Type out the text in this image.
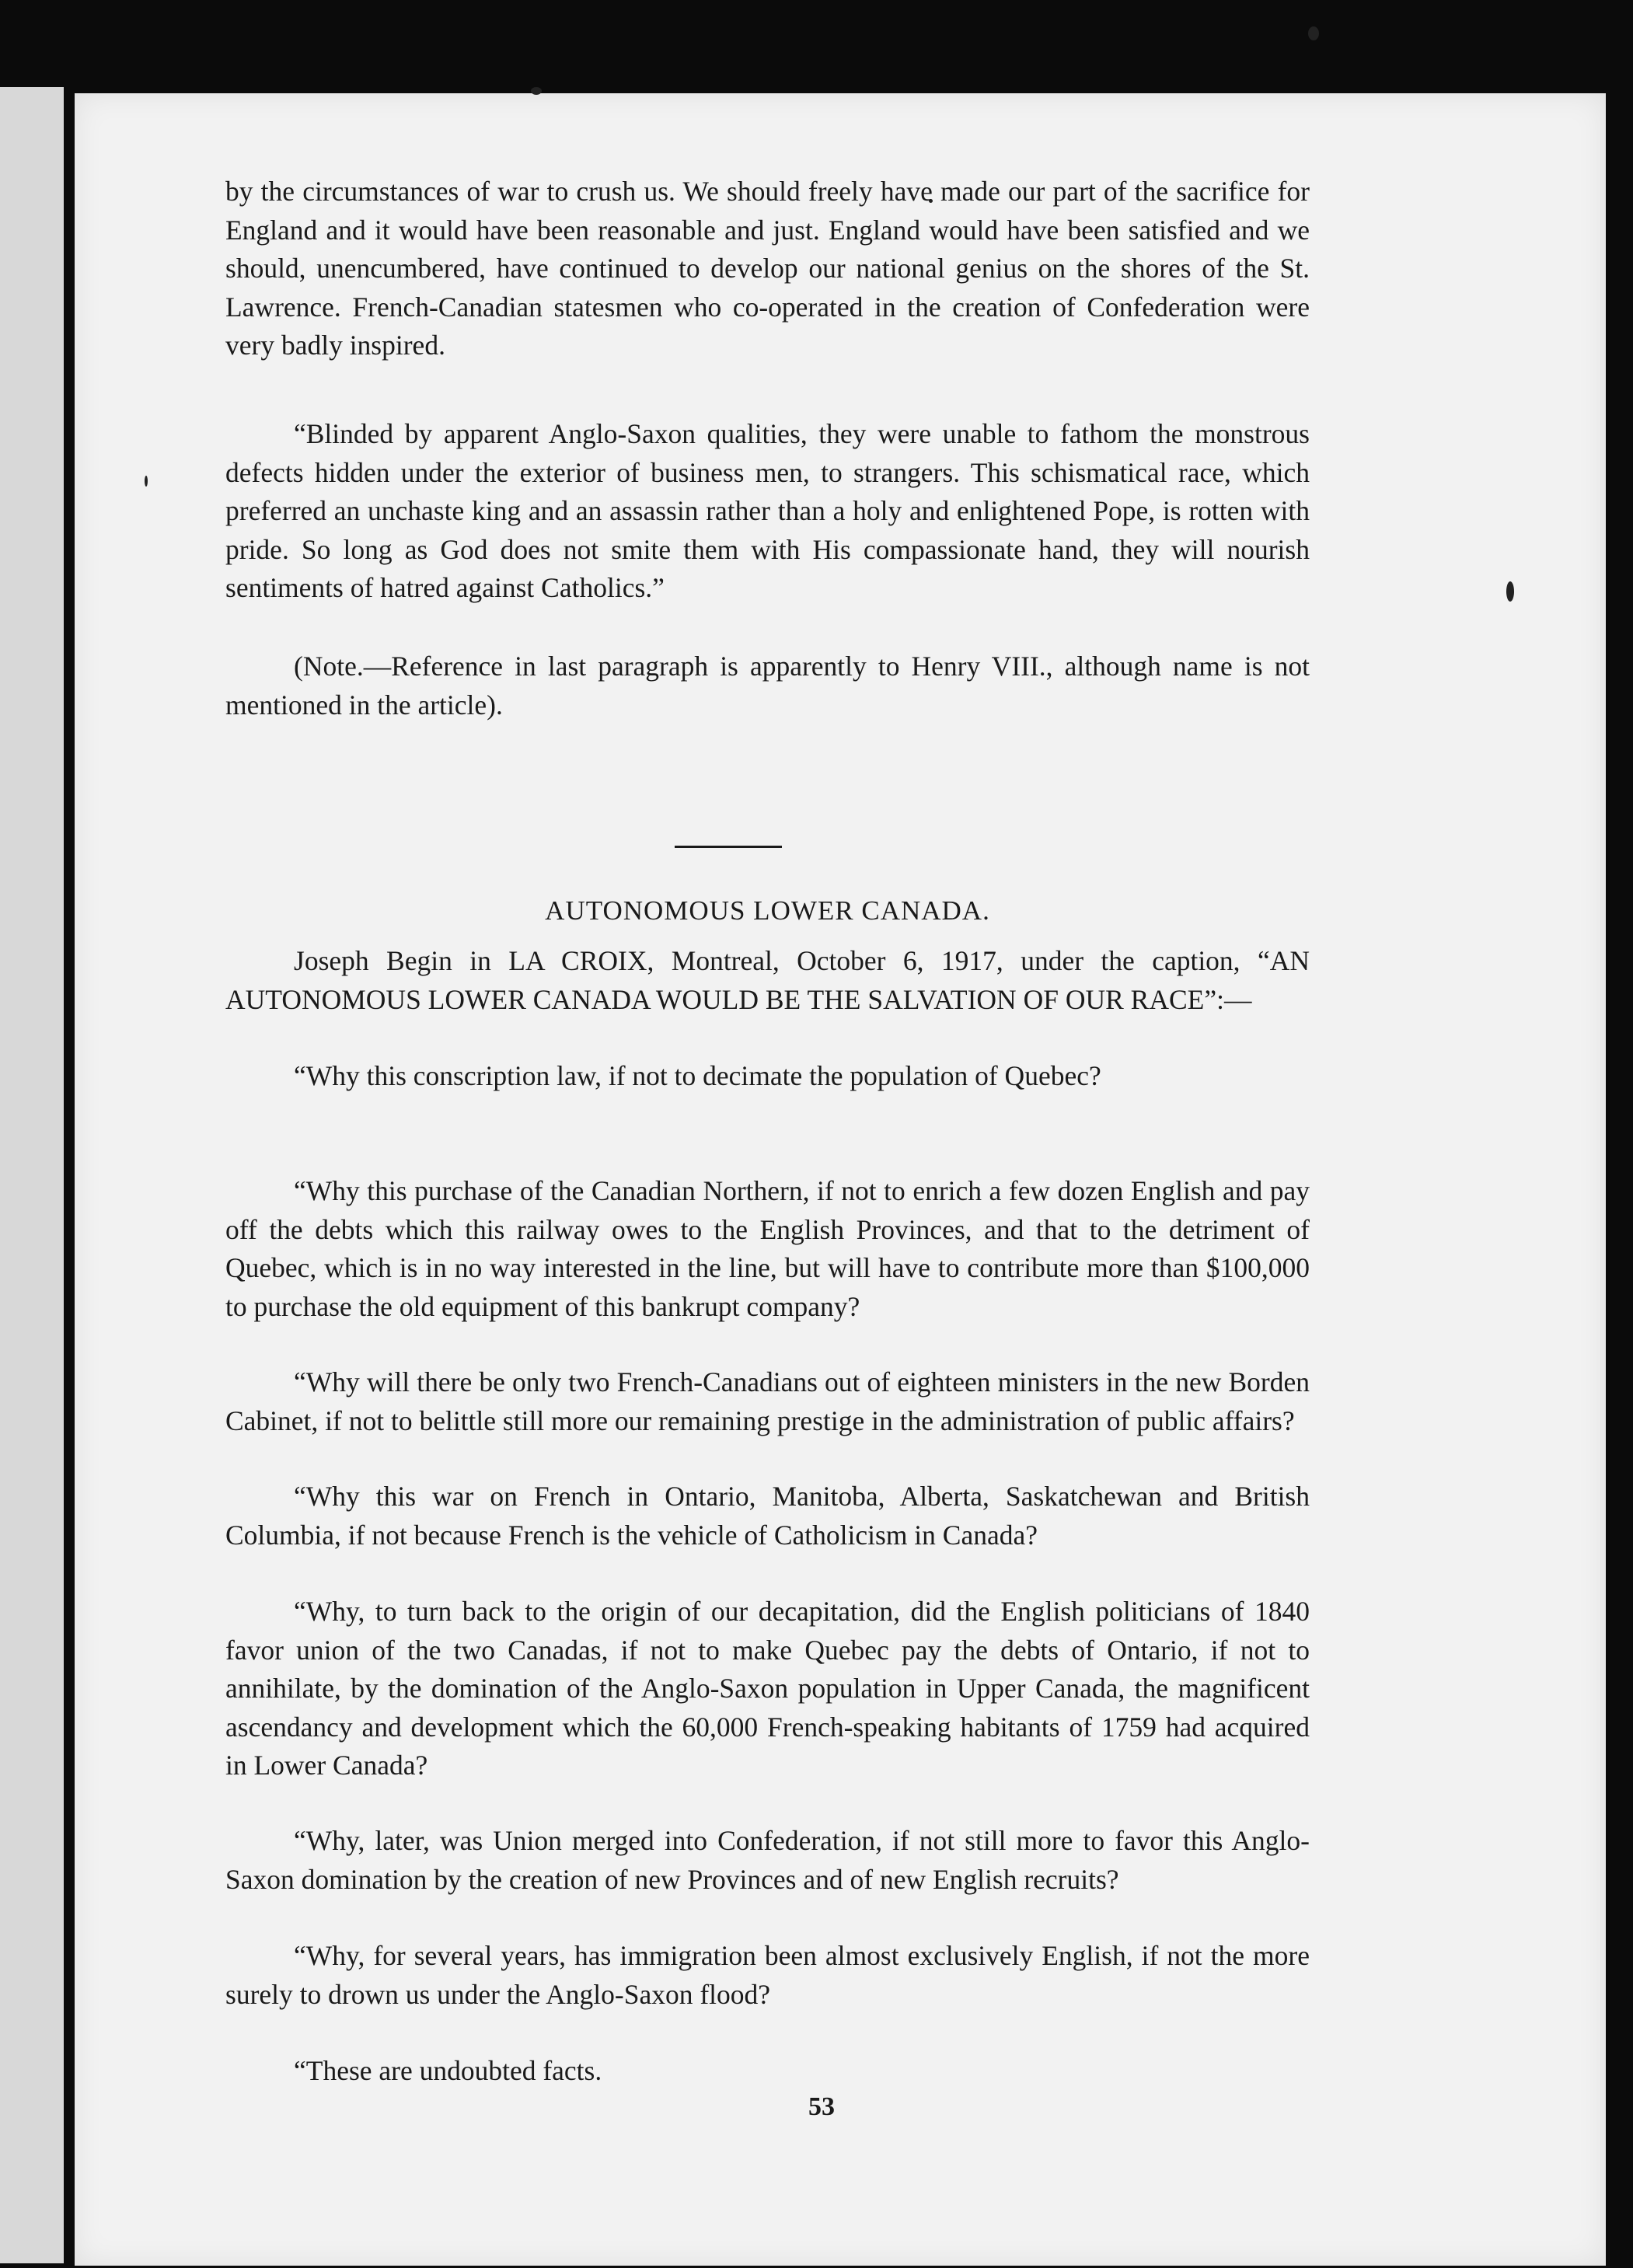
by the circumstances of war to crush us. We should freely have made our part of the sacrifice for England and it would have been reasonable and just. England would have been satisfied and we should, unencumbered, have continued to develop our national genius on the shores of the St. Lawrence. French-Canadian statesmen who co-operated in the creation of Confederation were very badly inspired.

“Blinded by apparent Anglo-Saxon qualities, they were unable to fathom the monstrous defects hidden under the exterior of business men, to strangers. This schismatical race, which preferred an unchaste king and an assassin rather than a holy and enlightened Pope, is rotten with pride. So long as God does not smite them with His compassionate hand, they will nourish sentiments of hatred against Catholics.”

(Note.—Reference in last paragraph is apparently to Henry VIII., although name is not mentioned in the article).

AUTONOMOUS LOWER CANADA.

Joseph Begin in LA CROIX, Montreal, October 6, 1917, under the caption, “AN AUTONOMOUS LOWER CANADA WOULD BE THE SALVATION OF OUR RACE”:—

“Why this conscription law, if not to decimate the population of Quebec?

“Why this purchase of the Canadian Northern, if not to enrich a few dozen English and pay off the debts which this railway owes to the English Provinces, and that to the detriment of Quebec, which is in no way interested in the line, but will have to contribute more than $100,000 to purchase the old equipment of this bankrupt company?

“Why will there be only two French-Canadians out of eighteen ministers in the new Borden Cabinet, if not to belittle still more our remaining prestige in the administration of public affairs?

“Why this war on French in Ontario, Manitoba, Alberta, Saskatchewan and British Columbia, if not because French is the vehicle of Catholicism in Canada?

“Why, to turn back to the origin of our decapitation, did the English politicians of 1840 favor union of the two Canadas, if not to make Quebec pay the debts of Ontario, if not to annihilate, by the domination of the Anglo-Saxon population in Upper Canada, the magnificent ascendancy and development which the 60,000 French-speaking habitants of 1759 had acquired in Lower Canada?

“Why, later, was Union merged into Confederation, if not still more to favor this Anglo-Saxon domination by the creation of new Provinces and of new English recruits?

“Why, for several years, has immigration been almost exclusively English, if not the more surely to drown us under the Anglo-Saxon flood?

“These are undoubted facts.

53
